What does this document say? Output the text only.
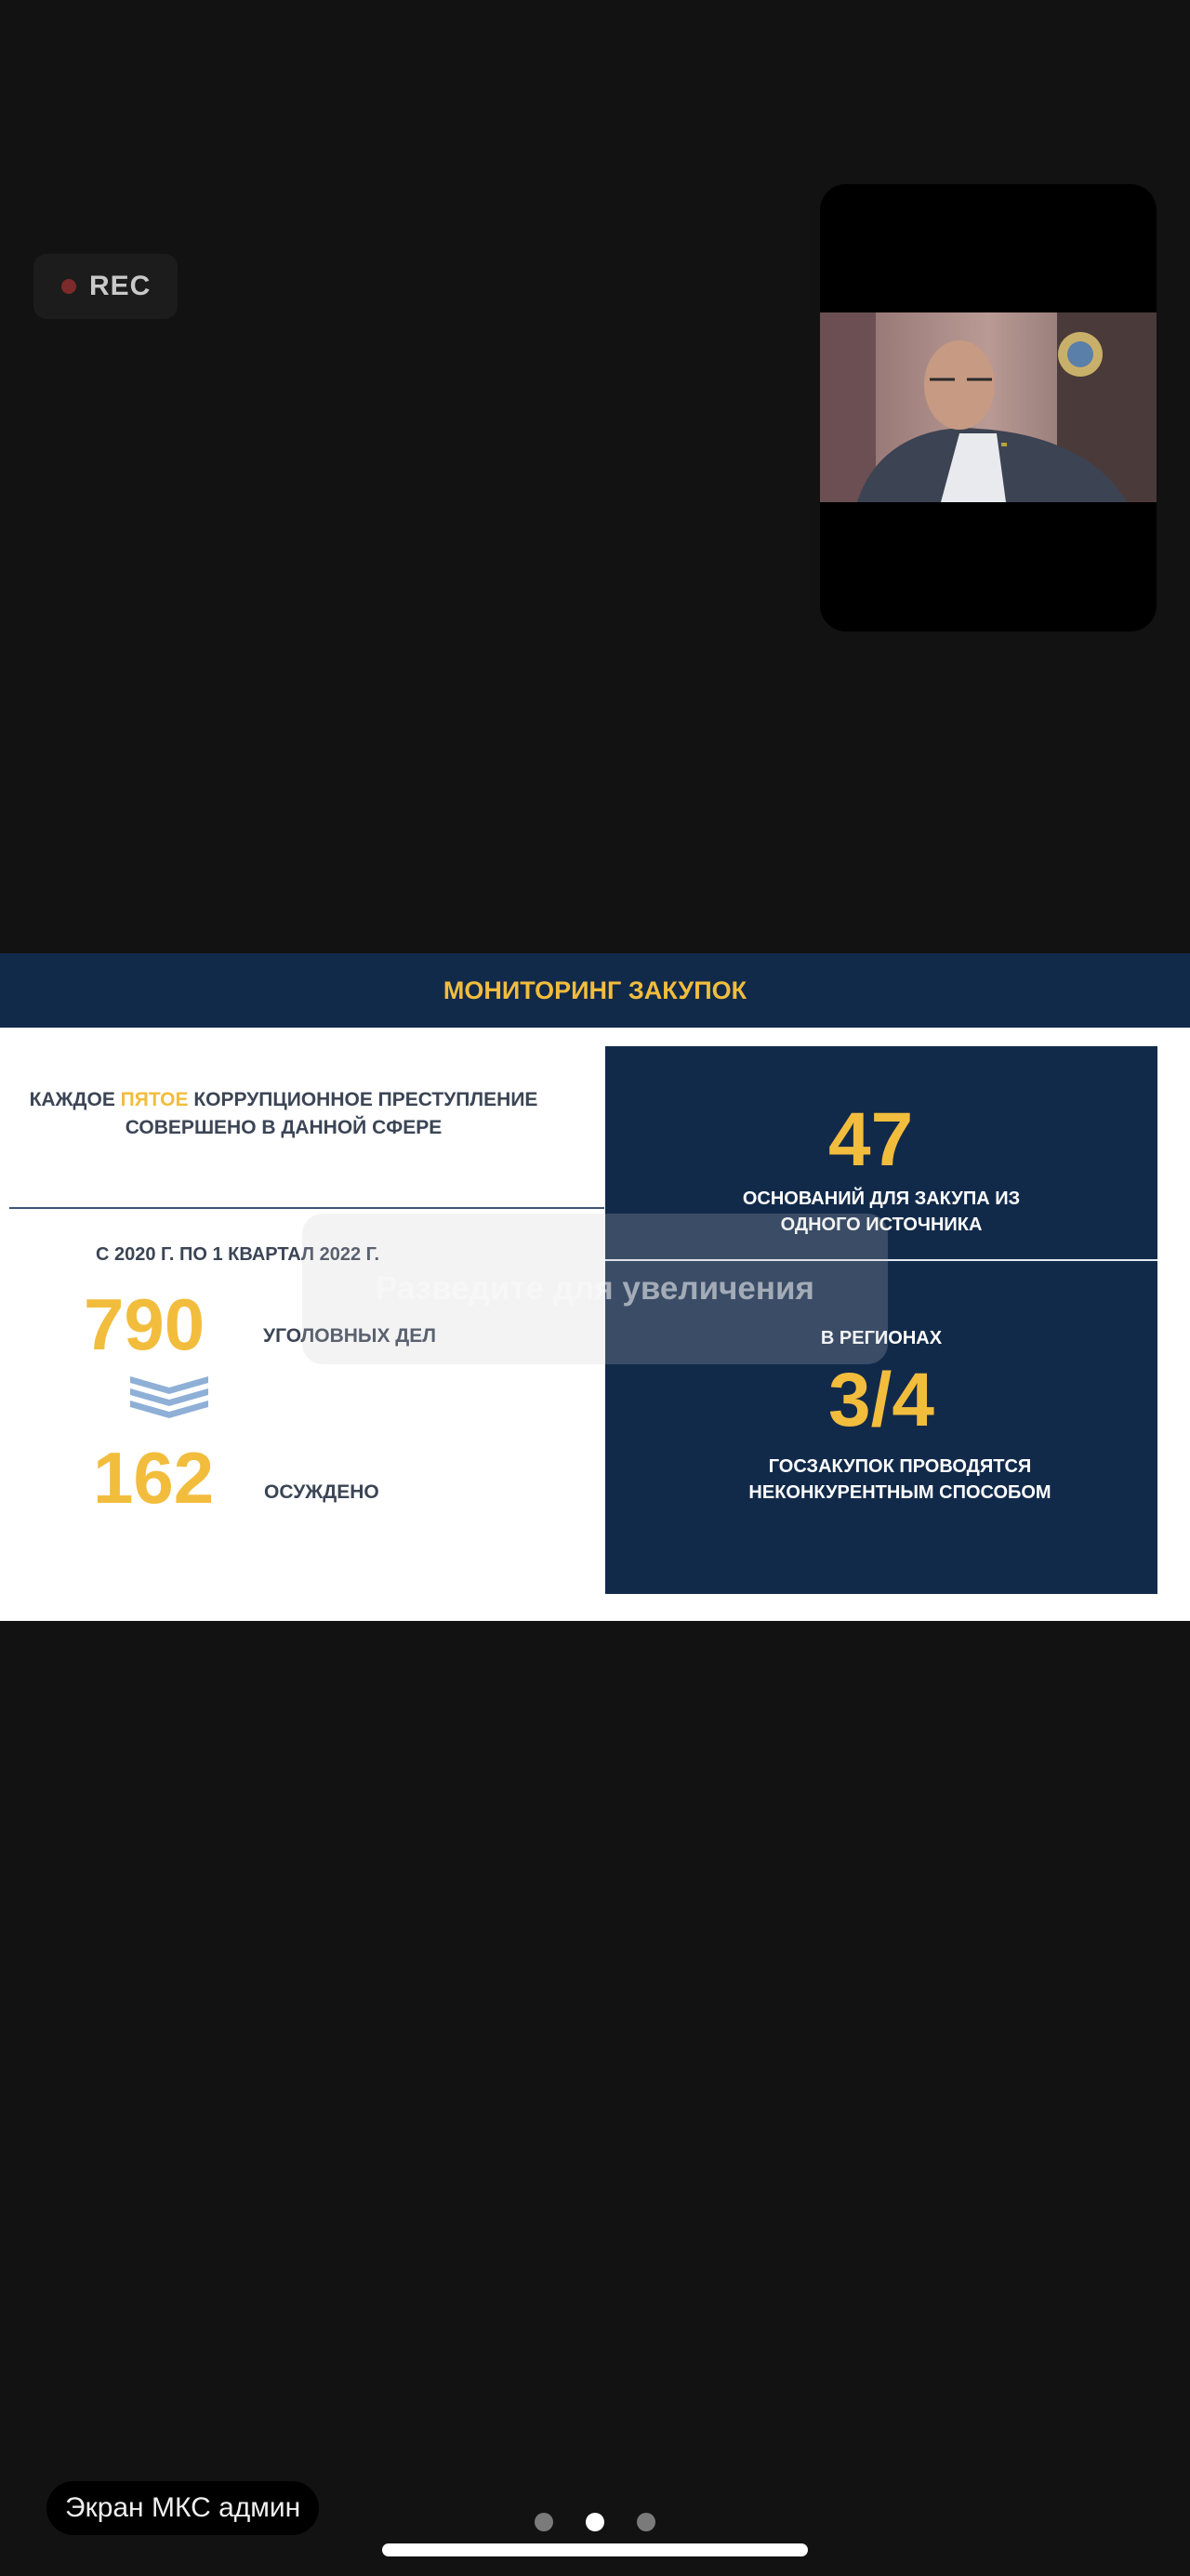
REC
МОНИТОРИНГ ЗАКУПОК
КАЖДОЕ ПЯТОЕ КОРРУПЦИОННОЕ ПРЕСТУПЛЕНИЕ
СОВЕРШЕНО В ДАННОЙ СФЕРЕ
С 2020 Г. ПО 1 КВАРТАЛ 2022 Г.
790	УГОЛОВНЫХ ДЕЛ
162	ОСУЖДЕНО
47
ОСНОВАНИЙ ДЛЯ ЗАКУПА ИЗ
ОДНОГО ИСТОЧНИКА
В РЕГИОНАХ
3/4
ГОСЗАКУПОК ПРОВОДЯТСЯ
НЕКОНКУРЕНТНЫМ СПОСОБОМ
Разведите для увеличения
Экран МКС админ
